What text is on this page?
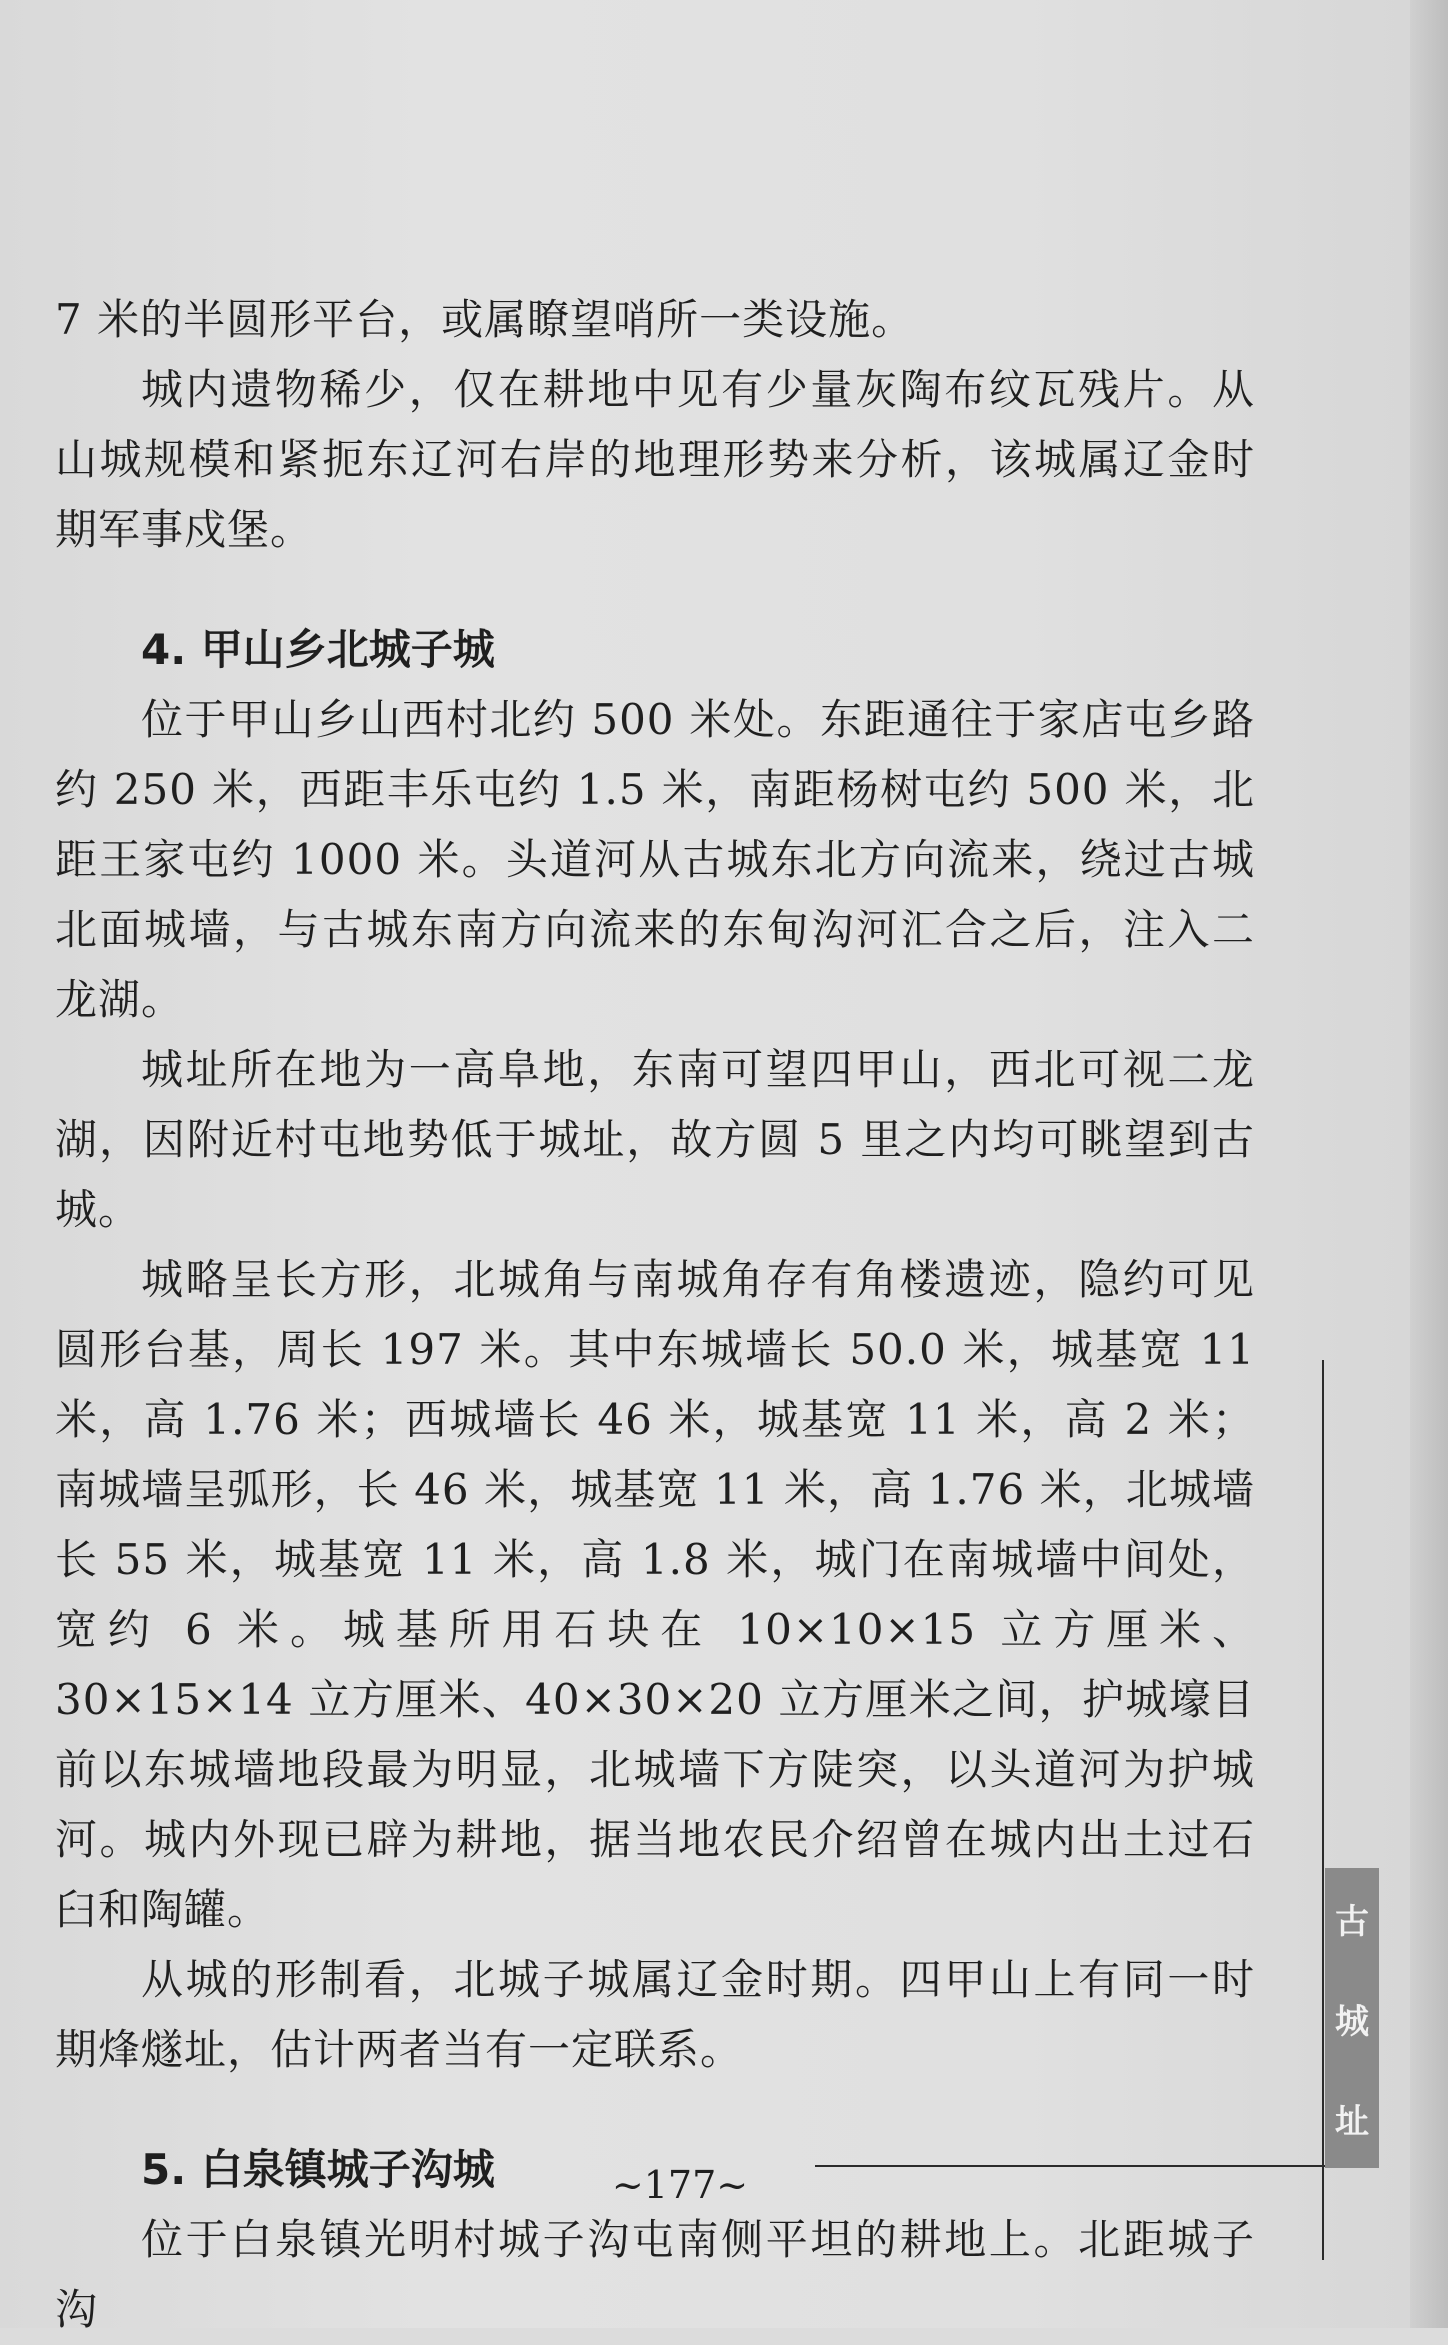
7 米的半圆形平台，或属瞭望哨所一类设施。

城内遗物稀少，仅在耕地中见有少量灰陶布纹瓦残片。从山城规模和紧扼东辽河右岸的地理形势来分析，该城属辽金时期军事戍堡。

4. 甲山乡北城子城

位于甲山乡山西村北约 500 米处。东距通往于家店屯乡路约 250 米，西距丰乐屯约 1.5 米，南距杨树屯约 500 米，北距王家屯约 1000 米。头道河从古城东北方向流来，绕过古城北面城墙，与古城东南方向流来的东甸沟河汇合之后，注入二龙湖。

城址所在地为一高阜地，东南可望四甲山，西北可视二龙湖，因附近村屯地势低于城址，故方圆 5 里之内均可眺望到古城。

城略呈长方形，北城角与南城角存有角楼遗迹，隐约可见圆形台基，周长 197 米。其中东城墙长 50.0 米，城基宽 11 米，高 1.76 米；西城墙长 46 米，城基宽 11 米，高 2 米；南城墙呈弧形，长 46 米，城基宽 11 米，高 1.76 米，北城墙长 55 米，城基宽 11 米，高 1.8 米，城门在南城墙中间处，宽约 6 米。城基所用石块在 10×10×15 立方厘米、30×15×14 立方厘米、40×30×20 立方厘米之间，护城壕目前以东城墙地段最为明显，北城墙下方陡突，以头道河为护城河。城内外现已辟为耕地，据当地农民介绍曾在城内出土过石臼和陶罐。

从城的形制看，北城子城属辽金时期。四甲山上有同一时期烽燧址，估计两者当有一定联系。

5. 白泉镇城子沟城

位于白泉镇光明村城子沟屯南侧平坦的耕地上。北距城子沟

古
城
址
~177~
